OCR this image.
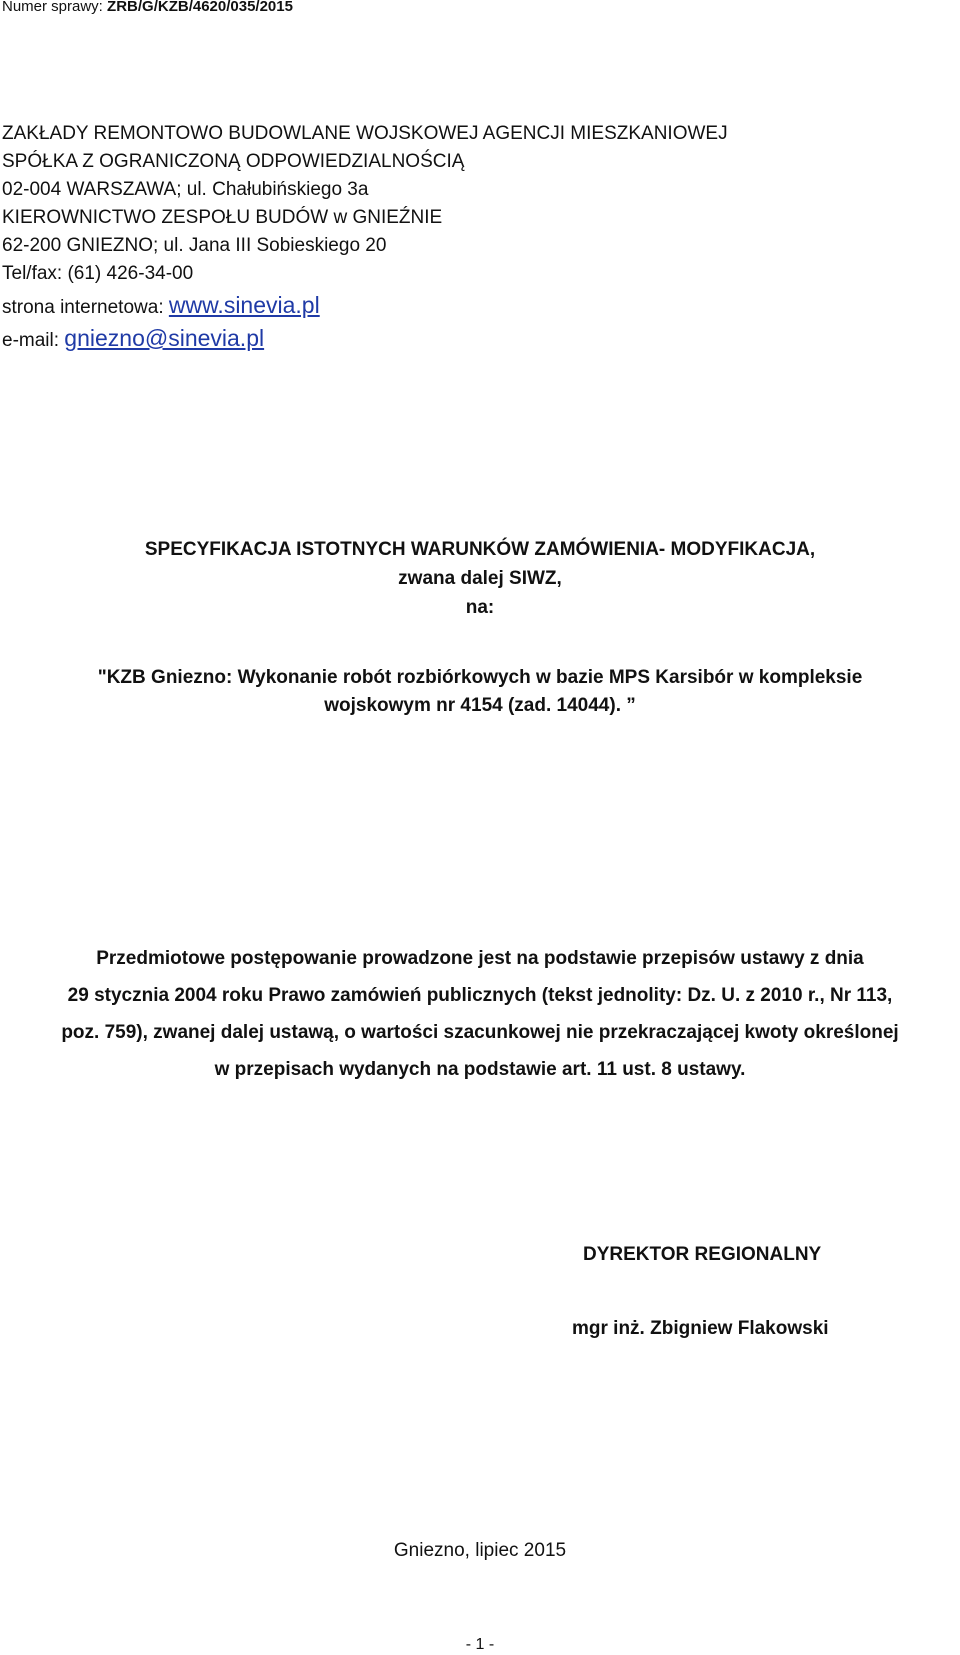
Numer sprawy: ZRB/G/KZB/4620/035/2015
ZAKŁADY REMONTOWO BUDOWLANE WOJSKOWEJ AGENCJI MIESZKANIOWEJ
SPÓŁKA Z OGRANICZONĄ ODPOWIEDZIALNOŚCIĄ
02-004 WARSZAWA; ul. Chałubińskiego 3a
KIEROWNICTWO ZESPOŁU BUDÓW w GNIEŹNIE
62-200 GNIEZNO; ul. Jana III Sobieskiego 20
Tel/fax: (61) 426-34-00
strona internetowa: www.sinevia.pl
e-mail: gniezno@sinevia.pl
SPECYFIKACJA ISTOTNYCH WARUNKÓW ZAMÓWIENIA- MODYFIKACJA,
zwana dalej SIWZ,
na:
"KZB Gniezno: Wykonanie robót rozbiórkowych w bazie MPS Karsibór w kompleksie
wojskowym nr 4154 (zad. 14044). ”
Przedmiotowe postępowanie prowadzone jest na podstawie przepisów ustawy z dnia
29 stycznia 2004 roku Prawo zamówień publicznych (tekst jednolity: Dz. U. z 2010 r., Nr 113,
poz. 759), zwanej dalej ustawą, o wartości szacunkowej nie przekraczającej kwoty określonej
w przepisach wydanych na podstawie art. 11 ust. 8 ustawy.
DYREKTOR REGIONALNY
mgr inż. Zbigniew Flakowski
Gniezno, lipiec 2015
- 1 -
